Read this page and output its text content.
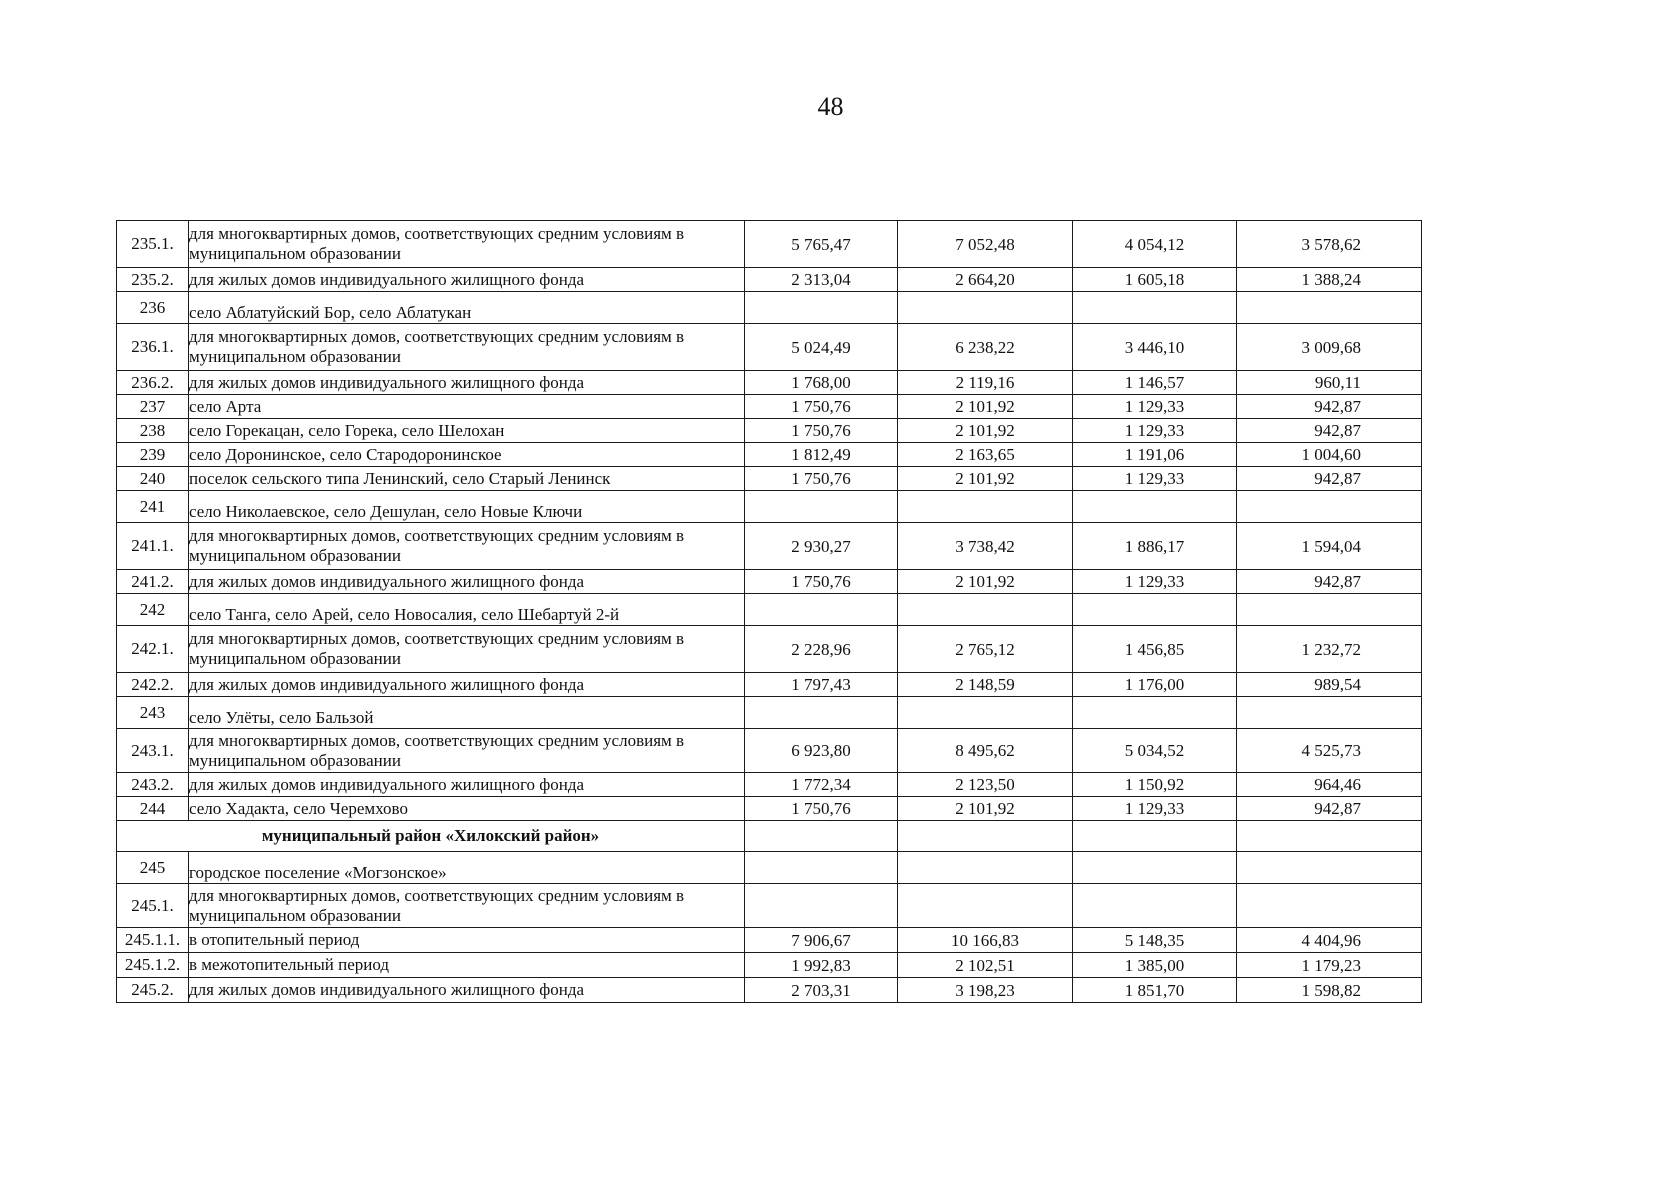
48
235.1.	для многоквартирных домов, соответствующих средним условиям в муниципальном образовании	5 765,47	7 052,48	4 054,12	3 578,62
235.2.	для жилых домов индивидуального жилищного фонда	2 313,04	2 664,20	1 605,18	1 388,24
236	село Аблатуйский Бор, село Аблатукан				
236.1.	для многоквартирных домов, соответствующих средним условиям в муниципальном образовании	5 024,49	6 238,22	3 446,10	3 009,68
236.2.	для жилых домов индивидуального жилищного фонда	1 768,00	2 119,16	1 146,57	960,11
237	село Арта	1 750,76	2 101,92	1 129,33	942,87
238	село Горекацан, село Горека, село Шелохан	1 750,76	2 101,92	1 129,33	942,87
239	село Доронинское, село Стародоронинское	1 812,49	2 163,65	1 191,06	1 004,60
240	поселок сельского типа Ленинский, село Старый Ленинск	1 750,76	2 101,92	1 129,33	942,87
241	село Николаевское, село Дешулан, село Новые Ключи				
241.1.	для многоквартирных домов, соответствующих средним условиям в муниципальном образовании	2 930,27	3 738,42	1 886,17	1 594,04
241.2.	для жилых домов индивидуального жилищного фонда	1 750,76	2 101,92	1 129,33	942,87
242	село Танга, село Арей, село Новосалия, село Шебартуй 2-й				
242.1.	для многоквартирных домов, соответствующих средним условиям в муниципальном образовании	2 228,96	2 765,12	1 456,85	1 232,72
242.2.	для жилых домов индивидуального жилищного фонда	1 797,43	2 148,59	1 176,00	989,54
243	село Улёты, село Бальзой				
243.1.	для многоквартирных домов, соответствующих средним условиям в муниципальном образовании	6 923,80	8 495,62	5 034,52	4 525,73
243.2.	для жилых домов индивидуального жилищного фонда	1 772,34	2 123,50	1 150,92	964,46
244	село Хадакта, село Черемхово	1 750,76	2 101,92	1 129,33	942,87
муниципальный район «Хилокский район»					
245	городское поселение «Могзонское»				
245.1.	для многоквартирных домов, соответствующих средним условиям в муниципальном образовании				
245.1.1.	в отопительный период	7 906,67	10 166,83	5 148,35	4 404,96
245.1.2.	в межотопительный период	1 992,83	2 102,51	1 385,00	1 179,23
245.2.	для жилых домов индивидуального жилищного фонда	2 703,31	3 198,23	1 851,70	1 598,82
